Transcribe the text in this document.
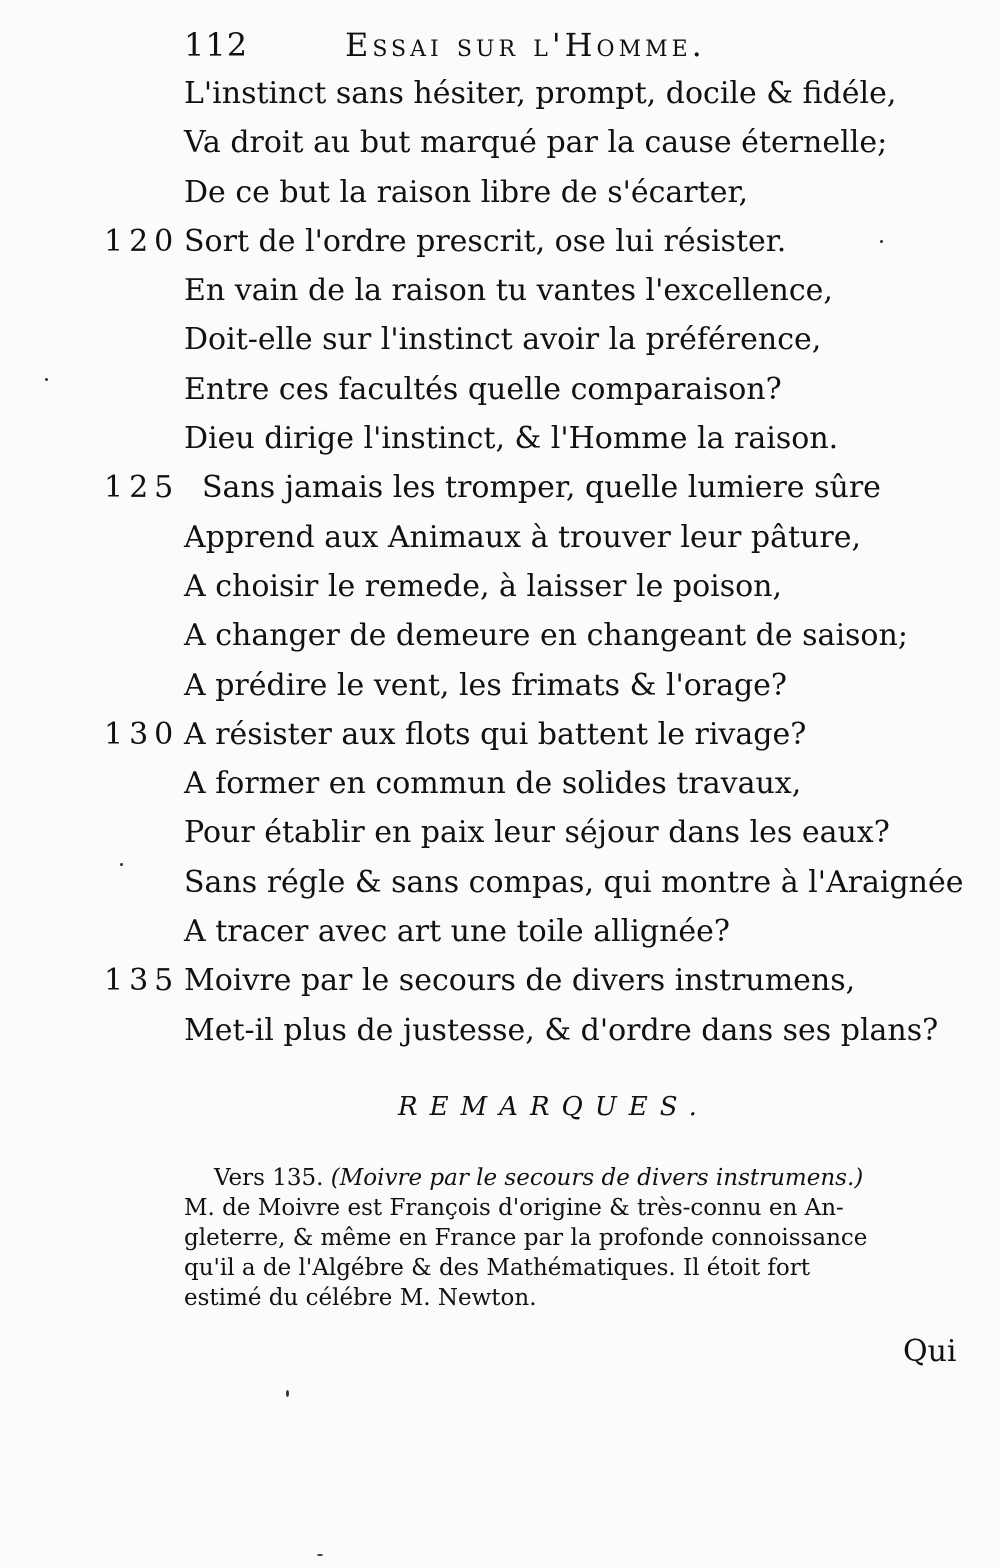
112	Essai sur l'Homme.
L'instinct sans hésiter, prompt, docile & fidéle,
Va droit au but marqué par la cause éternelle;
De ce but la raison libre de s'écarter,
120 Sort de l'ordre prescrit, ose lui résister.
En vain de la raison tu vantes l'excellence,
Doit-elle sur l'instinct avoir la préférence,
Entre ces facultés quelle comparaison?
Dieu dirige l'instinct, & l'Homme la raison.
125 Sans jamais les tromper, quelle lumiere sûre
Apprend aux Animaux à trouver leur pâture,
A choisir le remede, à laisser le poison,
A changer de demeure en changeant de saison;
A prédire le vent, les frimats & l'orage?
130 A résister aux flots qui battent le rivage?
A former en commun de solides travaux,
Pour établir en paix leur séjour dans les eaux?
Sans régle & sans compas, qui montre à l'Araignée
A tracer avec art une toile allignée?
135 Moivre par le secours de divers instrumens,
Met-il plus de justesse, & d'ordre dans ses plans?
REMARQUES.
Vers 135. (Moivre par le secours de divers instrumens.)
M. de Moivre est François d'origine & très-connu en An-
gleterre, & même en France par la profonde connoissance
qu'il a de l'Algébre & des Mathématiques. Il étoit fort
estimé du célébre M. Newton.
Qui
